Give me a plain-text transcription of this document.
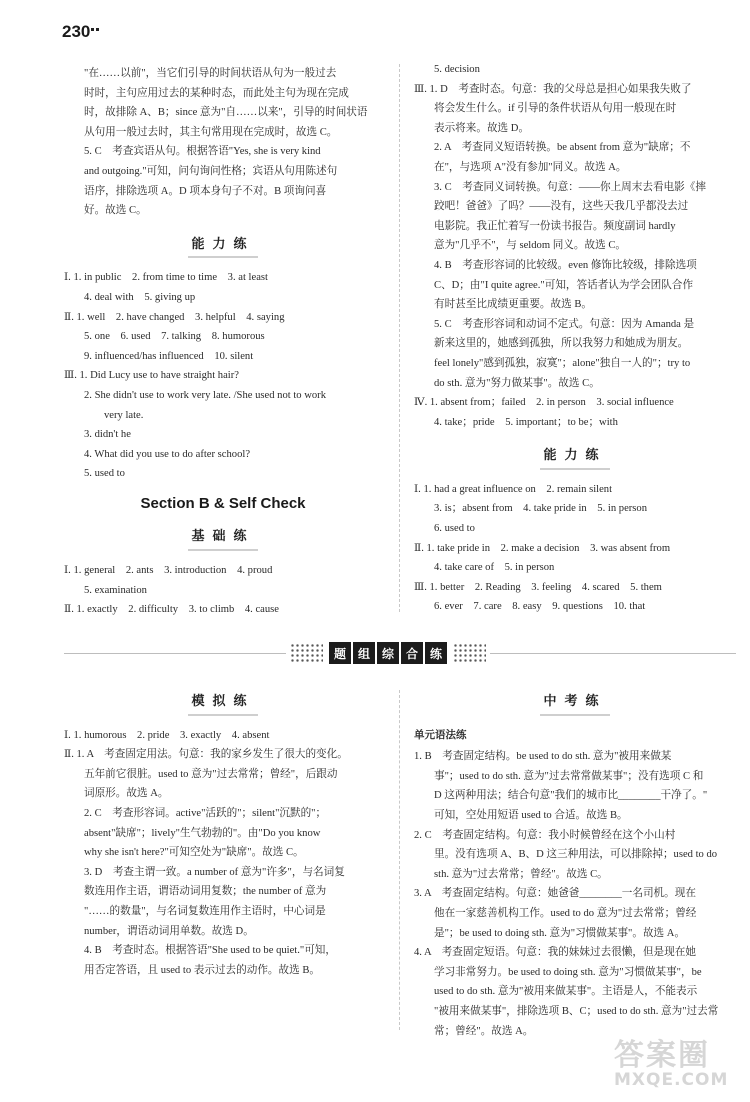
230
"在……以前"，当它们引导的时间状语从句为一般过去
时时，主句应用过去的某种时态，而此处主句为现在完成
时，故排除 A、B；since 意为"自……以来"，引导的时间状语
从句用一般过去时，其主句常用现在完成时，故选 C。
5. C　考查宾语从句。根据答语"Yes, she is very kind
and outgoing."可知，问句询问性格；宾语从句用陈述句
语序，排除选项 A。D 项本身句子不对。B 项询问喜
好。故选 C。
能力练
Ⅰ. 1. in public　2. from time to time　3. at least
4. deal with　5. giving up
Ⅱ. 1. well　2. have changed　3. helpful　4. saying
5. one　6. used　7. talking　8. humorous
9. influenced/has influenced　10. silent
Ⅲ. 1. Did Lucy use to have straight hair?
2. She didn't use to work very late. /She used not to work
very late.
3. didn't he
4. What did you use to do after school?
5. used to
Section B & Self Check
基础练
Ⅰ. 1. general　2. ants　3. introduction　4. proud
5. examination
Ⅱ. 1. exactly　2. difficulty　3. to climb　4. cause
5. decision
Ⅲ. 1. D　考查时态。句意：我的父母总是担心如果我失败了
将会发生什么。if 引导的条件状语从句用一般现在时
表示将来。故选 D。
2. A　考查同义短语转换。be absent from 意为"缺席；不
在"，与选项 A"没有参加"同义。故选 A。
3. C　考查同义词转换。句意：——你上周末去看电影《摔
跤吧！爸爸》了吗？——没有，这些天我几乎都没去过
电影院。我正忙着写一份读书报告。频度副词 hardly
意为"几乎不"，与 seldom 同义。故选 C。
4. B　考查形容词的比较级。even 修饰比较级，排除选项
C、D；由"I quite agree."可知，答话者认为学会团队合作
有时甚至比成绩更重要。故选 B。
5. C　考查形容词和动词不定式。句意：因为 Amanda 是
新来这里的，她感到孤独，所以我努力和她成为朋友。
feel lonely"感到孤独，寂寞"；alone"独自一人的"；try to
do sth. 意为"努力做某事"。故选 C。
Ⅳ. 1. absent from；failed　2. in person　3. social influence
4. take；pride　5. important；to be；with
能力练
Ⅰ. 1. had a great influence on　2. remain silent
3. is；absent from　4. take pride in　5. in person
6. used to
Ⅱ. 1. take pride in　2. make a decision　3. was absent from
4. take care of　5. in person
Ⅲ. 1. better　2. Reading　3. feeling　4. scared　5. them
6. ever　7. care　8. easy　9. questions　10. that
题 组 综 合 练
模拟练
Ⅰ. 1. humorous　2. pride　3. exactly　4. absent
Ⅱ. 1. A　考查固定用法。句意：我的家乡发生了很大的变化。
五年前它很脏。used to 意为"过去常常；曾经"，后跟动
词原形。故选 A。
2. C　考查形容词。active"活跃的"；silent"沉默的"；
absent"缺席"；lively"生气勃勃的"。由"Do you know
why she isn't here?"可知空处为"缺席"。故选 C。
3. D　考查主谓一致。a number of 意为"许多"，与名词复
数连用作主语，谓语动词用复数；the number of 意为
"……的数量"，与名词复数连用作主语时，中心词是
number，谓语动词用单数。故选 D。
4. B　考查时态。根据答语"She used to be quiet."可知，
用否定答语，且 used to 表示过去的动作。故选 B。
中考练
单元语法练
1. B　考查固定结构。be used to do sth. 意为"被用来做某
事"；used to do sth. 意为"过去常常做某事"；没有选项 C 和
D 这两种用法；结合句意"我们的城市比________干净了。"
可知，空处用短语 used to 合适。故选 B。
2. C　考查固定结构。句意：我小时候曾经在这个小山村
里。没有选项 A、B、D 这三种用法，可以排除掉；used to do
sth. 意为"过去常常；曾经"。故选 C。
3. A　考查固定结构。句意：她爸爸________一名司机。现在
他在一家慈善机构工作。used to do 意为"过去常常；曾经
是"；be used to doing sth. 意为"习惯做某事"。故选 A。
4. A　考查固定短语。句意：我的妹妹过去很懒，但是现在她
学习非常努力。be used to doing sth. 意为"习惯做某事"，be
used to do sth. 意为"被用来做某事"。主语是人，不能表示
"被用来做某事"，排除选项 B、C；used to do sth. 意为"过去常
常；曾经"。故选 A。
答案圈
MXQE.COM
